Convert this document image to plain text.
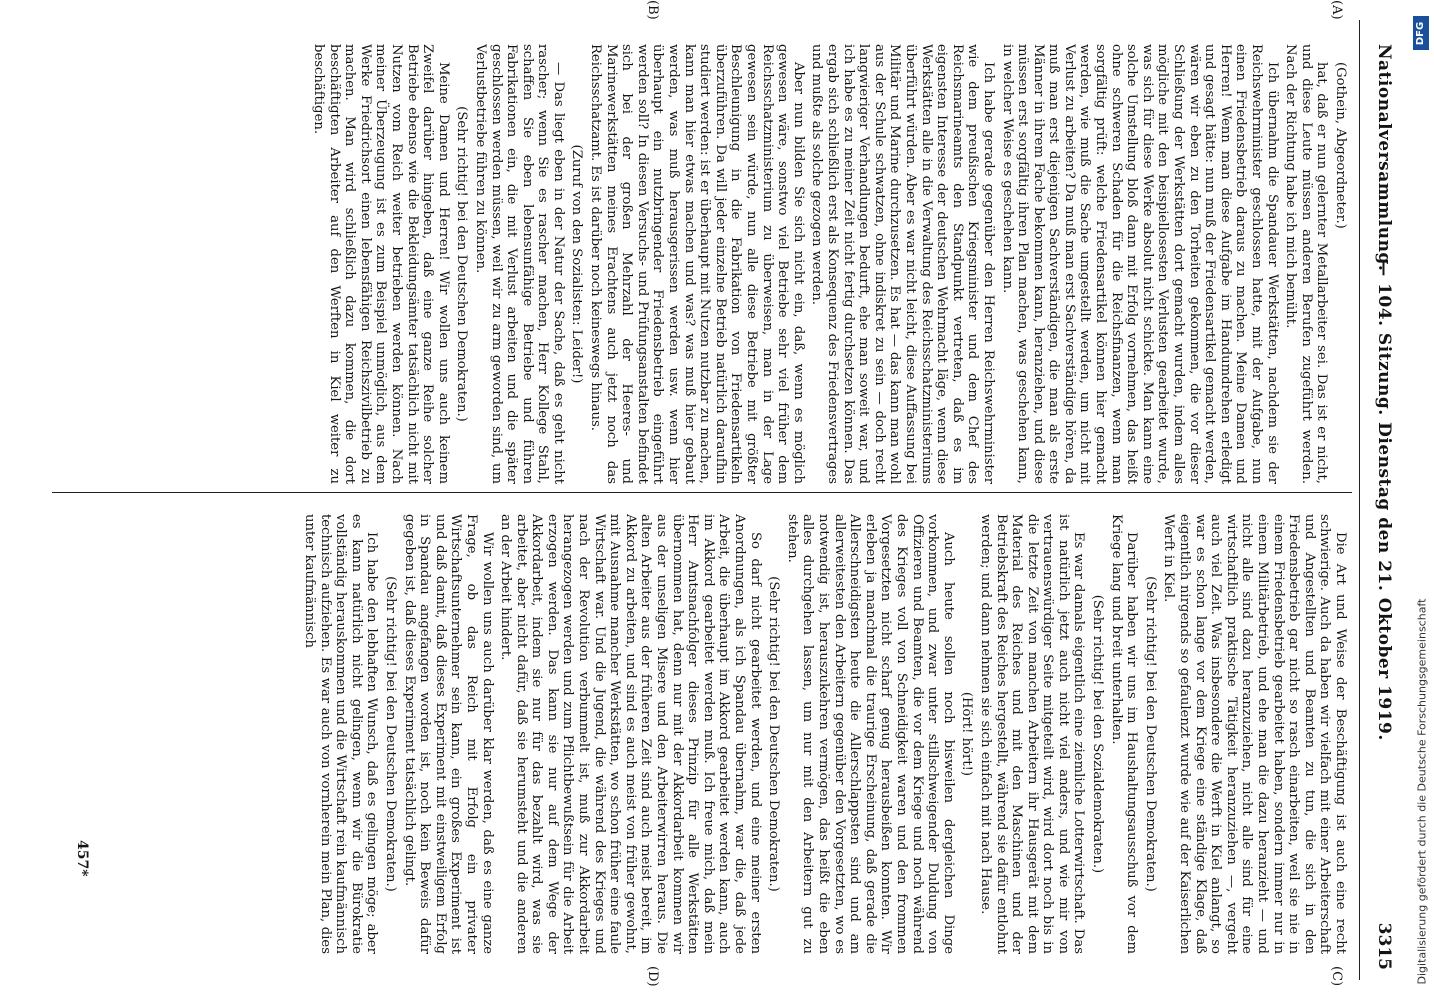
Nationalversammlung.
— 104. Sitzung. Dienstag den 21. Oktober 1919.
3315
(A)
(B)
(C)
(D)

(Gothein, Abgeordneter.)

hat, daß er nun gelernter Metallarbeiter sei. Das ist er nicht, und diese Leute müssen anderen Berufen zugeführt werden. Nach der Richtung habe ich mich bemüht.

Ich übernahm die Spandauer Werkstätten, nachdem sie der Reichswehrminister geschlossen hatte, mit der Aufgabe, nun einen Friedensbetrieb daraus zu machen. Meine Damen und Herren! Wenn man diese Aufgabe im Handumdrehen erledigt und gesagt hätte: nun muß der Friedensartikel gemacht werden, wären wir eben zu den Torheiten gekommen, die vor dieser Schließung der Werkstätten dort gemacht wurden, indem alles mögliche mit den beispiellosesten Verlusten gearbeitet wurde, was sich für diese Werke absolut nicht schickte. Man kann eine solche Umstellung bloß dann mit Erfolg vornehmen, das heißt ohne schweren Schaden für die Reichsfinanzen, wenn man sorgfältig prüft: welche Friedensartikel können hier gemacht werden, wie muß die Sache umgestellt werden, um nicht mit Verlust zu arbeiten? Da muß man erst Sachverständige hören, da muß man erst diejenigen Sachverständigen, die man als erste Männer in ihrem Fache bekommen kann, heranziehen, und diese müssen erst sorgfältig ihren Plan machen, was geschehen kann, in welcher Weise es geschehen kann.

Ich habe gerade gegenüber den Herren Reichswehrminister wie dem preußischen Kriegsminister und dem Chef des Reichsmarineamts den Standpunkt vertreten, daß es im eigensten Interesse der deutschen Wehrmacht läge, wenn diese Werkstätten alle in die Verwaltung des Reichsschatzministeriums überführt würden. Aber es war nicht leicht, diese Auffassung bei Militär und Marine durchzusetzen. Es hat — das kann man wohl aus der Schule schwatzen, ohne indiskret zu sein — doch recht langwieriger Verhandlungen bedurft, ehe man soweit war, und ich habe es zu meiner Zeit nicht fertig durchsetzen können. Das ergab sich schließlich erst als Konsequenz des Friedensvertrages und mußte als solche gezogen werden.

Aber nun bilden Sie sich nicht ein, daß, wenn es möglich gewesen wäre, sonstwo viel Betriebe sehr viel früher dem Reichsschatzministerium zu überweisen, man in der Lage gewesen sein würde, nun alle diese Betriebe mit größter Beschleunigung in die Fabrikation von Friedensartikeln überzuführen. Da will jeder einzelne Betrieb natürlich daraufhin studiert werden: ist er überhaupt mit Nutzen nutzbar zu machen, kann man hier etwas machen und was? was muß hier gebaut werden, was muß herausgerissen werden usw. wenn hier überhaupt ein nutzbringender Friedensbetrieb eingeführt werden soll? In diesen Versuchs- und Prüfungsanstalten befindet sich bei der großen Mehrzahl der Heeres- und Marinewerkstätten meines Erachtens auch jetzt noch das Reichsschatzamt. Es ist darüber noch keineswegs hinaus.

(Zuruf von den Sozialisten: Leider!)

— Das liegt eben in der Natur der Sache, daß es geht nicht rascher; wenn Sie es rascher machen, Herr Kollege Stahl, schaffen Sie eben lebensunfähige Betriebe und führen Fabrikationen ein, die mit Verlust arbeiten und die später geschlossen werden müssen, weil wir zu arm geworden sind, um Verlustbetriebe führen zu können.

(Sehr richtig! bei den Deutschen Demokraten.)

Meine Damen und Herren! Wir wollen uns auch keinem Zweifel darüber hingeben, daß eine ganze Reihe solcher Betriebe ebenso wie die Bekleidungsämter tatsächlich nicht mit Nutzen vom Reich weiter betrieben werden können. Nach meiner Überzeugung ist es zum Beispiel unmöglich, aus dem Werke Friedrichsort einen lebensfähigen Reichszivilbetrieb zu machen. Man wird schließlich dazu kommen, die dort beschäftigten Arbeiter auf den Werften in Kiel weiter zu beschäftigen.

Die Art und Weise der Beschäftigung ist auch eine recht schwierige. Auch da haben wir vielfach mit einer Arbeiterschaft und Angestellten und Beamten zu tun, die sich in den Friedensbetrieb gar nicht so rasch einarbeiten, weil sie nie in einem Friedensbetrieb gearbeitet haben, sondern immer nur in einem Militärbetrieb, und ehe man die dazu heranzieht — und nicht alle sind dazu heranzuziehen, nicht alle sind für eine wirtschaftlich praktische Tätigkeit heranzuziehen —, vergeht auch viel Zeit. Was insbesondere die Werft in Kiel anlangt, so war es schon lange vor dem Kriege eine ständige Klage, daß eigentlich nirgends so gefaulenzt wurde wie auf der Kaiserlichen Werft in Kiel.

(Sehr richtig! bei den Deutschen Demokraten.)

Darüber haben wir uns im Haushaltungsausschuß vor dem Kriege lang und breit unterhalten.

(Sehr richtig! bei den Sozialdemokraten.)

Es war damals eigentlich eine ziemliche Lotterwirtschaft. Das ist natürlich jetzt auch nicht viel anders, und wie mir von vertrauenswürdiger Seite mitgeteilt wird, wird dort noch bis in die letzte Zeit von manchen Arbeitern ihr Hausgerät mit dem Material des Reiches und mit den Maschinen und der Betriebskraft des Reiches hergestellt, während sie dafür entlohnt werden; und dann nehmen sie sich einfach mit nach Hause.

(Hört! hört!)

Auch heute sollen noch bisweilen dergleichen Dinge vorkommen, und zwar unter stillschweigender Duldung von Offizieren und Beamten, die vor dem Kriege und noch während des Krieges voll von Schneidigkeit waren und den frommen Vorgesetzten nicht scharf genug herausbeißen konnten. Wir erleben ja manchmal die traurige Erscheinung, daß gerade die Allerschneidigsten heute die Allerschlappsten sind und am allerweitesten den Arbeitern gegenüber den Vorgesetzten, wo es notwendig ist, herauszukehren vermögen, das heißt die eben alles durchgehen lassen, um nur mit den Arbeitern gut zu stehen.

(Sehr richtig! bei den Deutschen Demokraten.)

So darf nicht gearbeitet werden, und eine meiner ersten Anordnungen, als ich Spandau übernahm, war die, daß jede Arbeit, die überhaupt im Akkord gearbeitet werden kann, auch im Akkord gearbeitet werden muß. Ich freue mich, daß mein Herr Amtsnachfolger dieses Prinzip für alle Werkstätten übernommen hat, denn nur mit der Akkordarbeit kommen wir aus der unseligen Misere und den Arbeiterwirren heraus. Die alten Arbeiter aus der früheren Zeit sind auch meist bereit, im Akkord zu arbeiten, und sind es auch meist von früher gewohnt, mit Ausnahme mancher Werkstätten, wo schon früher eine faule Wirtschaft war. Und die Jugend, die während des Krieges und nach der Revolution verbummelt ist, muß zur Akkordarbeit herangezogen werden und zum Pflichtbewußtsein für die Arbeit erzogen werden. Das kann sie nur auf dem Wege der Akkordarbeit, indem sie nur für das bezahlt wird, was sie arbeitet, aber nicht dafür, daß sie herumsteht und die anderen an der Arbeit hindert.

Wir wollen uns auch darüber klar werden, daß es eine ganze Frage, ob das Reich mit Erfolg ein privater Wirtschaftsunternehmer sein kann, ein großes Experiment ist und daß damit, daß dieses Experiment mit einstweiligem Erfolg in Spandau angefangen worden ist, noch kein Beweis dafür gegeben ist, daß dieses Experiment tatsächlich gelingt.

(Sehr richtig! bei den Deutschen Demokraten.)

Ich habe den lebhaften Wunsch, daß es gelingen möge; aber es kann natürlich nicht gelingen, wenn wir die Bürokratie vollständig herauskommen und die Wirtschaft rein kaufmännisch technisch aufziehen. Es war auch von vornherein mein Plan, dies unter kaufmännisch

457*
DFG
Digitalisierung gefördert durch die Deutsche Forschungsgemeinschaft
